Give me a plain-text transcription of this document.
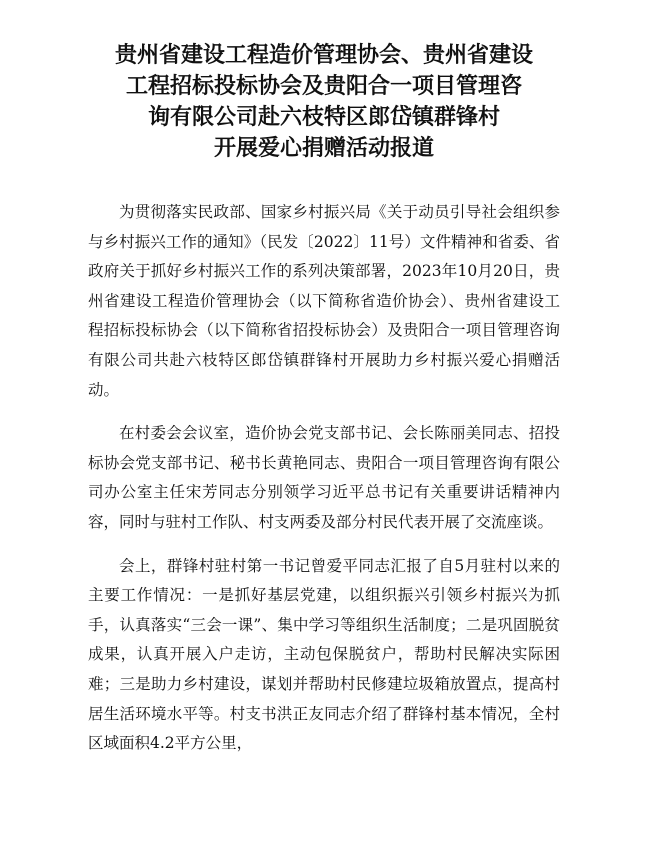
贵州省建设工程造价管理协会、贵州省建设
工程招标投标协会及贵阳合一项目管理咨
询有限公司赴六枝特区郎岱镇群锋村
开展爱心捐赠活动报道

为贯彻落实民政部、国家乡村振兴局《关于动员引导社会组织参与乡村振兴工作的通知》（民发〔2022〕11号）文件精神和省委、省政府关于抓好乡村振兴工作的系列决策部署，2023年10月20日，贵州省建设工程造价管理协会（以下简称省造价协会）、贵州省建设工程招标投标协会（以下简称省招投标协会）及贵阳合一项目管理咨询有限公司共赴六枝特区郎岱镇群锋村开展助力乡村振兴爱心捐赠活动。

在村委会会议室，造价协会党支部书记、会长陈丽美同志、招投标协会党支部书记、秘书长黄艳同志、贵阳合一项目管理咨询有限公司办公室主任宋芳同志分别领学习近平总书记有关重要讲话精神内容，同时与驻村工作队、村支两委及部分村民代表开展了交流座谈。

会上，群锋村驻村第一书记曾爱平同志汇报了自5月驻村以来的主要工作情况：一是抓好基层党建，以组织振兴引领乡村振兴为抓手，认真落实“三会一课”、集中学习等组织生活制度；二是巩固脱贫成果，认真开展入户走访，主动包保脱贫户，帮助村民解决实际困难；三是助力乡村建设，谋划并帮助村民修建垃圾箱放置点，提高村居生活环境水平等。村支书洪正友同志介绍了群锋村基本情况，全村区域面积4.2平方公里，
